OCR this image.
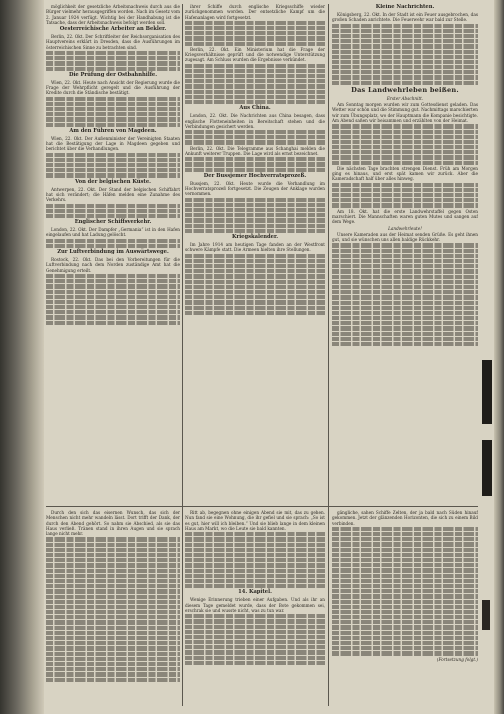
möglichkeit der gesetzliche Arbeitsnachweis durch aus die Bürger vielmehr herausgegriffen worden. Nach im Gesetz vom 2. Januar 1924 verfügt. Wichtig bei der Handhabung ist die Tatsache, dass der Arbeitsnachweis befolgt werden soll.

Oesterreichische Arbeiter an Bekler.

Berlin, 22. Okt. Der Schriftleiter der Reichsorganisation des Hauptvereins erklärt in Dresden, dass die Ausführungen im österreichischen Sinne zu betrachten sind.

Die Prüfung der Ostbahnhilfe.

Wien, 22. Okt. Heute nach Ansicht der Regierung wurde die Frage der Wehrpflicht geregelt und die Ausführung der Kredite durch die Ständische bestätigt.

Am den Führen von Magdeen.

Wien, 22. Okt. Der Außenminister der Vereinigten Staaten hat die Bestätigung der Lage in Magdeen gegeben und berichtet über die Verhandlungen.

Von der belgischen Küste.

Antwerpen, 22. Okt. Der Stand der belgischen Schiffahrt hat sich verändert; die Häfen melden eine Zunahme des Verkehrs.

Englischer Schiffsverkehr.

London, 22. Okt. Der Dampfer „Germania“ ist in den Hafen eingelaufen und hat Ladung gelöscht.

Zur Luftverbindung im Auswärtswege.

Rostock, 22. Okt. Das bei den Vorbereitungen für die Luftverbindung nach dem Norden zuständige Amt hat die Genehmigung erteilt.

ihrer Schiffe durch englische Kriegsschiffe wieder zurückgenommen worden. Der entsetzliche Kampf um die Hafenanlagen wird fortgesetzt.

Berlin, 22. Okt. Ein Ministerium hat die Frage der Kriegsverhältnisse geprüft und die notwendige Unterstützung zugesagt. Am Schluss wurden die Ergebnisse verkündet.

Aus China.

London, 22. Okt. Die Nachrichten aus China besagen, dass englische Flotteneinheiten in Bereitschaft stehen und die Verbindungen gesichert werden.

Berlin, 22. Okt. Die Telegramme aus Schanghai melden die Ankunft weiterer Truppen. Die Lage wird als ernst bezeichnet.

Der Bussjemer Hochverratsprozeß.

Bussjem, 22. Okt. Heute wurde die Verhandlung im Hochverratsprozeß fortgesetzt. Die Zeugen der Anklage wurden vernommen.

Kriegskalender.

Im Jahre 1914 am heutigen Tage fanden an der Westfront schwere Kämpfe statt. Die Armeen hielten ihre Stellungen.

Kleine Nachrichten.

Königsberg, 22. Okt. In der Stadt ist ein Feuer ausgebrochen, das großen Schaden anrichtete. Die Feuerwehr war bald zur Stelle.

Das Landwehrleben beißen.

Erster Abschnitt.

Am Sonntag morgen wurden wir zum Gottesdienst geladen. Das Wetter war schön und die Stimmung gut. Nachmittags marschierten wir zum Übungsplatz, wo der Hauptmann die Kompanie besichtigte. Am Abend saßen wir beisammen und erzählten von der Heimat.

Die nächsten Tage brachten strengen Dienst. Früh am Morgen ging es hinaus, und erst spät kamen wir zurück. Aber die Kameradschaft half über alles hinweg.

Am 18. Okt. hat die erste Landwehrstaffel gegen Osten marschiert. Die Mannschaften waren guten Mutes und sangen auf dem Wege.

Landwehrleute!

Unsere Kameraden aus der Heimat senden Grüße. Es geht ihnen gut, und sie wünschen uns allen baldige Rückkehr.

Durch den sich das eisernen Wunsch, das sich der Menschen nicht mehr wandeln lässt. Dort trifft der Dank, der durch den Abend gehört. So nahm sie Abschied, als sie das Haus verließ. Tränen stand in ihren Augen und sie sprach lange nicht mehr.

Ritt ab, begegnen ohne einigen Abend sie mit, das zu gehen. Nun fand sie eine Wohnung, die ihr gefiel und sie sprach: „So ist es gut, hier will ich bleiben.“ Und sie blieb lange in dem kleinen Haus am Markt, wo die Leute sie bald kannten.

14. Kapitel.

Wenige Erinnerung trieben einer Aufgaben. Und als ihr an diesem Tage gemeldet wurde, dass der Bote gekommen sei, erschrak sie und wusste nicht, was zu tun war.

gängliche, sahen Schiffe Zelten, der ja bald nach Süden hinauf gekommen. Jetzt der glänzenden Horizonten, die sich zu einem Bild verbinden.

(Fortsetzung folgt.)
